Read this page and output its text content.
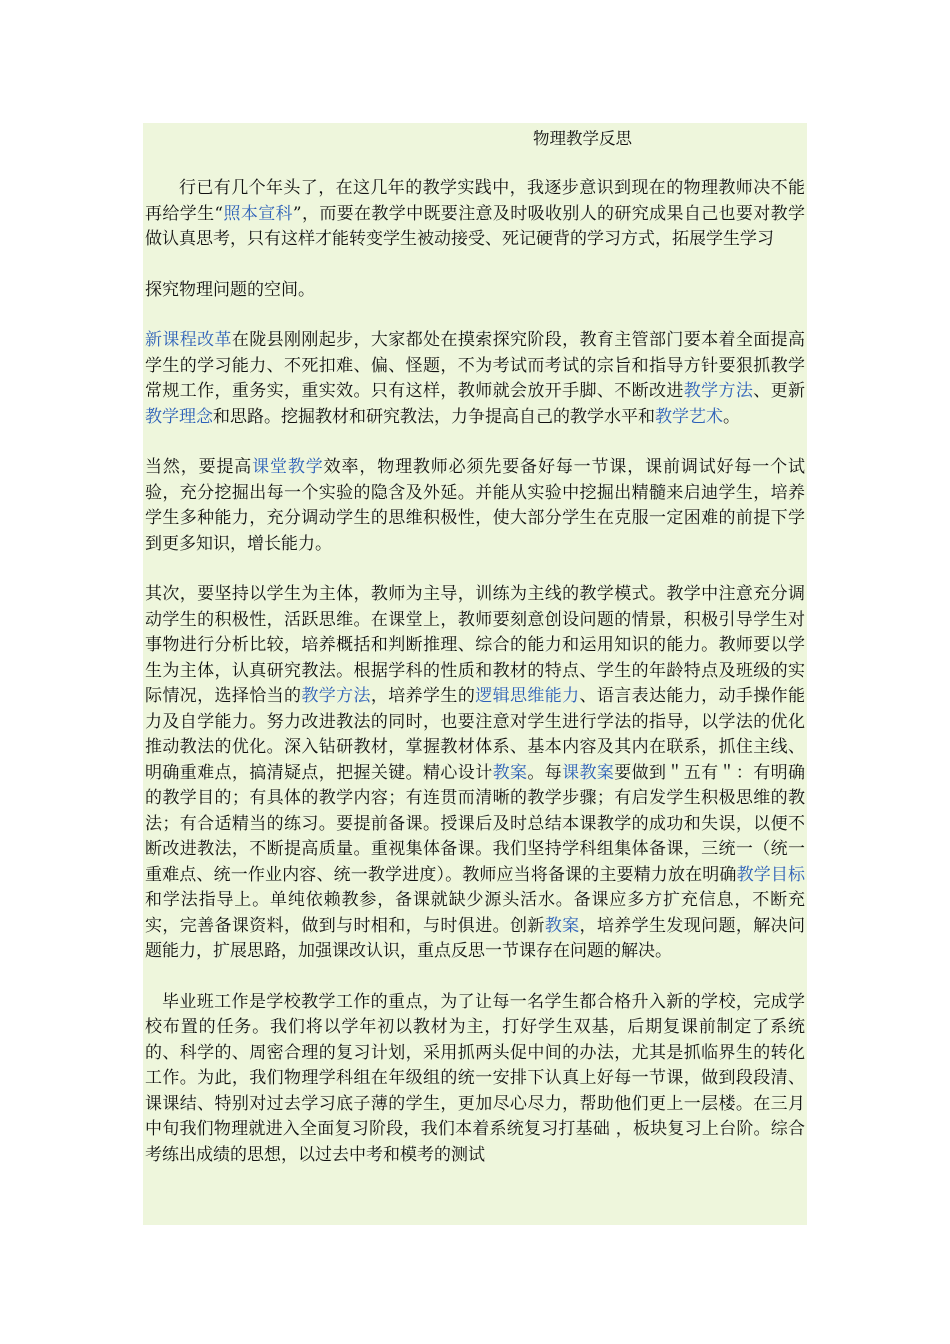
物理教学反思

行已有几个年头了，在这几年的教学实践中，我逐步意识到现在的物理教师决不能再给学生“照本宣科”，而要在教学中既要注意及时吸收别人的研究成果自己也要对教学做认真思考，只有这样才能转变学生被动接受、死记硬背的学习方式，拓展学生学习

探究物理问题的空间。

新课程改革在陇县刚刚起步，大家都处在摸索探究阶段，教育主管部门要本着全面提高学生的学习能力、不死扣难、偏、怪题，不为考试而考试的宗旨和指导方针要狠抓教学常规工作，重务实，重实效。只有这样，教师就会放开手脚、不断改进教学方法、更新教学理念和思路。挖掘教材和研究教法，力争提高自己的教学水平和教学艺术。

当然，要提高课堂教学效率，物理教师必须先要备好每一节课，课前调试好每一个试验，充分挖掘出每一个实验的隐含及外延。并能从实验中挖掘出精髓来启迪学生，培养学生多种能力，充分调动学生的思维积极性，使大部分学生在克服一定困难的前提下学到更多知识，增长能力。

其次，要坚持以学生为主体，教师为主导，训练为主线的教学模式。教学中注意充分调动学生的积极性，活跃思维。在课堂上，教师要刻意创设问题的情景，积极引导学生对事物进行分析比较，培养概括和判断推理、综合的能力和运用知识的能力。教师要以学生为主体，认真研究教法。根据学科的性质和教材的特点、学生的年龄特点及班级的实际情况，选择恰当的教学方法，培养学生的逻辑思维能力、语言表达能力，动手操作能力及自学能力。努力改进教法的同时，也要注意对学生进行学法的指导，以学法的优化推动教法的优化。深入钻研教材，掌握教材体系、基本内容及其内在联系，抓住主线、明确重难点，搞清疑点，把握关键。精心设计教案。每课教案要做到＂五有＂：有明确的教学目的；有具体的教学内容；有连贯而清晰的教学步骤；有启发学生积极思维的教法；有合适精当的练习。要提前备课。授课后及时总结本课教学的成功和失误，以便不断改进教法，不断提高质量。重视集体备课。我们坚持学科组集体备课，三统一（统一重难点、统一作业内容、统一教学进度）。教师应当将备课的主要精力放在明确教学目标和学法指导上。单纯依赖教参，备课就缺少源头活水。备课应多方扩充信息，不断充实，完善备课资料，做到与时相和，与时俱进。创新教案，培养学生发现问题，解决问题能力，扩展思路，加强课改认识，重点反思一节课存在问题的解决。

毕业班工作是学校教学工作的重点，为了让每一名学生都合格升入新的学校，完成学校布置的任务。我们将以学年初以教材为主，打好学生双基，后期复课前制定了系统的、科学的、周密合理的复习计划，采用抓两头促中间的办法，尤其是抓临界生的转化工作。为此，我们物理学科组在年级组的统一安排下认真上好每一节课，做到段段清、课课结、特别对过去学习底子薄的学生，更加尽心尽力，帮助他们更上一层楼。在三月中旬我们物理就进入全面复习阶段，我们本着系统复习打基础 ，板块复习上台阶。综合考练出成绩的思想，以过去中考和模考的测试
